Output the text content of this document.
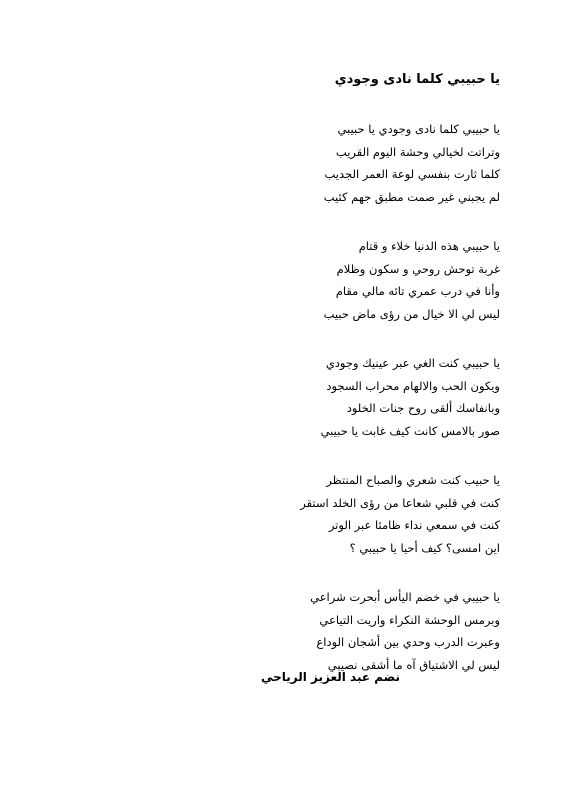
يا حبيبي كلما نادى وجودي
يا حبيبي كلما نادى وجودي يا حبيبي
وتراتت لخيالي وحشة اليوم القريب
كلما ثارت بنفسي لوعة العمر الجديب
لم يجبني غير صمت مطبق جهم كئيب
يا حبيبي هذه الدنيا خلاء و قتام
غربة توحش روحي و سكون وظلام
وأنا في درب عمري تائه مالي مقام
ليس لي الا خيال من رؤى ماض حبيب
يا حبيبي كنت الغي عبر عينيك وجودي
ويكون الحب والالهام محراب السجود
وبانفاسك ألقى روح جنات الخلود
صور بالامس كانت كيف غابت يا حبيبي
يا حبيب كنت شعري والصباح المنتظر
كنت في قلبي شعاعا من رؤى الخلد استقر
كنت في سمعي نداء ظامئا عبر الوتر
اين امسى؟ كيف أحيا يا حبيبي ؟
يا حبيبي في خضم اليأس أبحرت شراعي
وبرمس الوحشة النكراء واريت التياعي
وعبرت الدرب وحدي بين أشجان الوداع
ليس لي الاشتياق آه ما أشقى نصيبي
نضم عبد العزيز الرياحي
